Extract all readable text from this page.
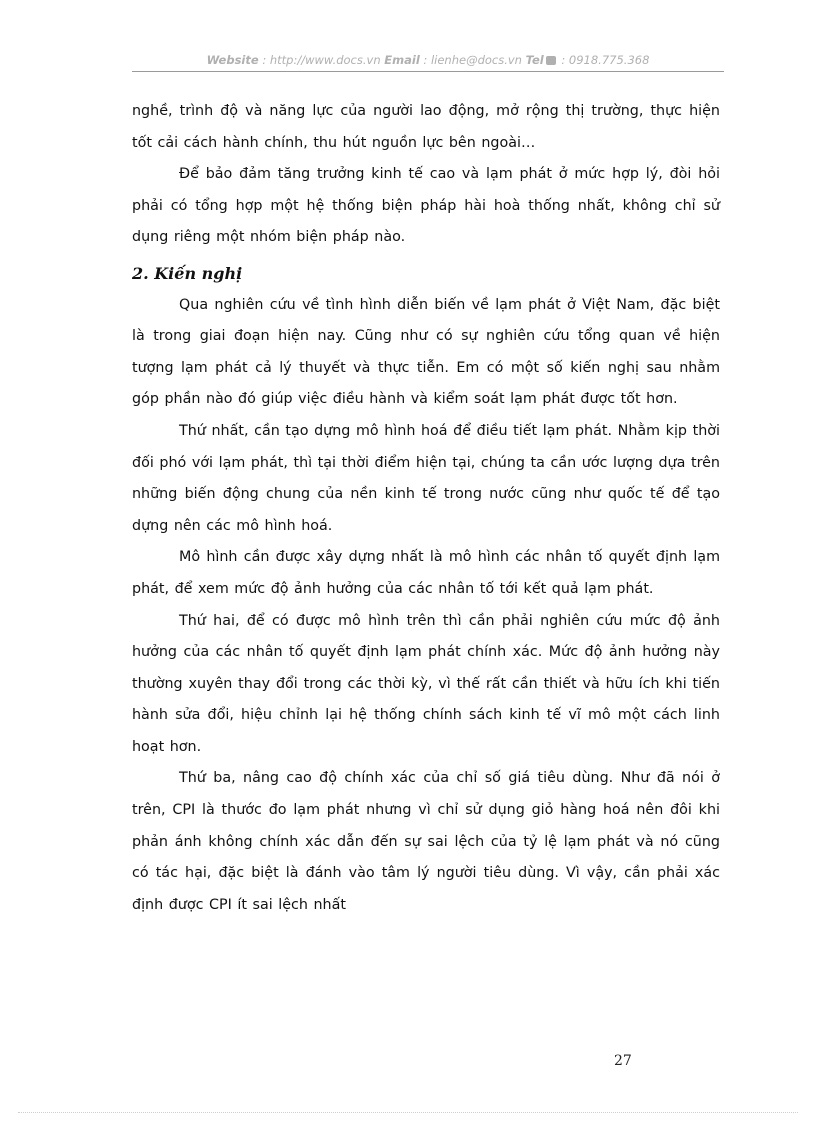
Website : http://www.docs.vn Email : lienhe@docs.vn Tel : 0918.775.368

nghề, trình độ và năng lực của người lao động, mở rộng thị trường, thực hiện tốt cải cách hành chính, thu hút nguồn lực bên ngoài…

Để bảo đảm tăng trưởng kinh tế cao và lạm phát ở mức hợp lý, đòi hỏi phải có tổng hợp một hệ thống biện pháp hài hoà thống nhất, không chỉ sử dụng riêng một nhóm biện pháp nào.

2. Kiến nghị

Qua nghiên cứu về tình hình diễn biến về lạm phát ở Việt Nam, đặc biệt là trong giai đoạn hiện nay. Cũng như có sự nghiên cứu tổng quan về hiện tượng lạm phát cả lý thuyết và thực tiễn. Em có một số kiến nghị sau nhằm góp phần nào đó giúp việc điều hành và kiểm soát lạm phát được tốt hơn.

Thứ nhất, cần tạo dựng mô hình hoá để điều tiết lạm phát. Nhằm kịp thời đối phó với lạm phát, thì tại thời điểm hiện tại, chúng ta cần ước lượng dựa trên những biến động chung của nền kinh tế trong nước cũng như quốc tế để tạo dựng nên các mô hình hoá.

Mô hình cần được xây dựng nhất là mô hình các nhân tố quyết định lạm phát, để xem mức độ ảnh hưởng của các nhân tố tới kết quả lạm phát.

Thứ hai, để có được mô hình trên thì cần phải nghiên cứu mức độ ảnh hưởng của các nhân tố quyết định lạm phát chính xác. Mức độ ảnh hưởng này thường xuyên thay đổi trong các thời kỳ, vì thế rất cần thiết và hữu ích khi tiến hành sửa đổi, hiệu chỉnh lại hệ thống chính sách kinh tế vĩ mô một cách linh hoạt hơn.

Thứ ba, nâng cao độ chính xác của chỉ số giá tiêu dùng. Như đã nói ở trên, CPI là thước đo lạm phát nhưng vì chỉ sử dụng giỏ hàng hoá nên đôi khi phản ánh không chính xác dẫn đến sự sai lệch của tỷ lệ lạm phát và nó cũng có tác hại, đặc biệt là đánh vào tâm lý người tiêu dùng. Vì vậy, cần phải xác định được CPI ít sai lệch nhất

27
